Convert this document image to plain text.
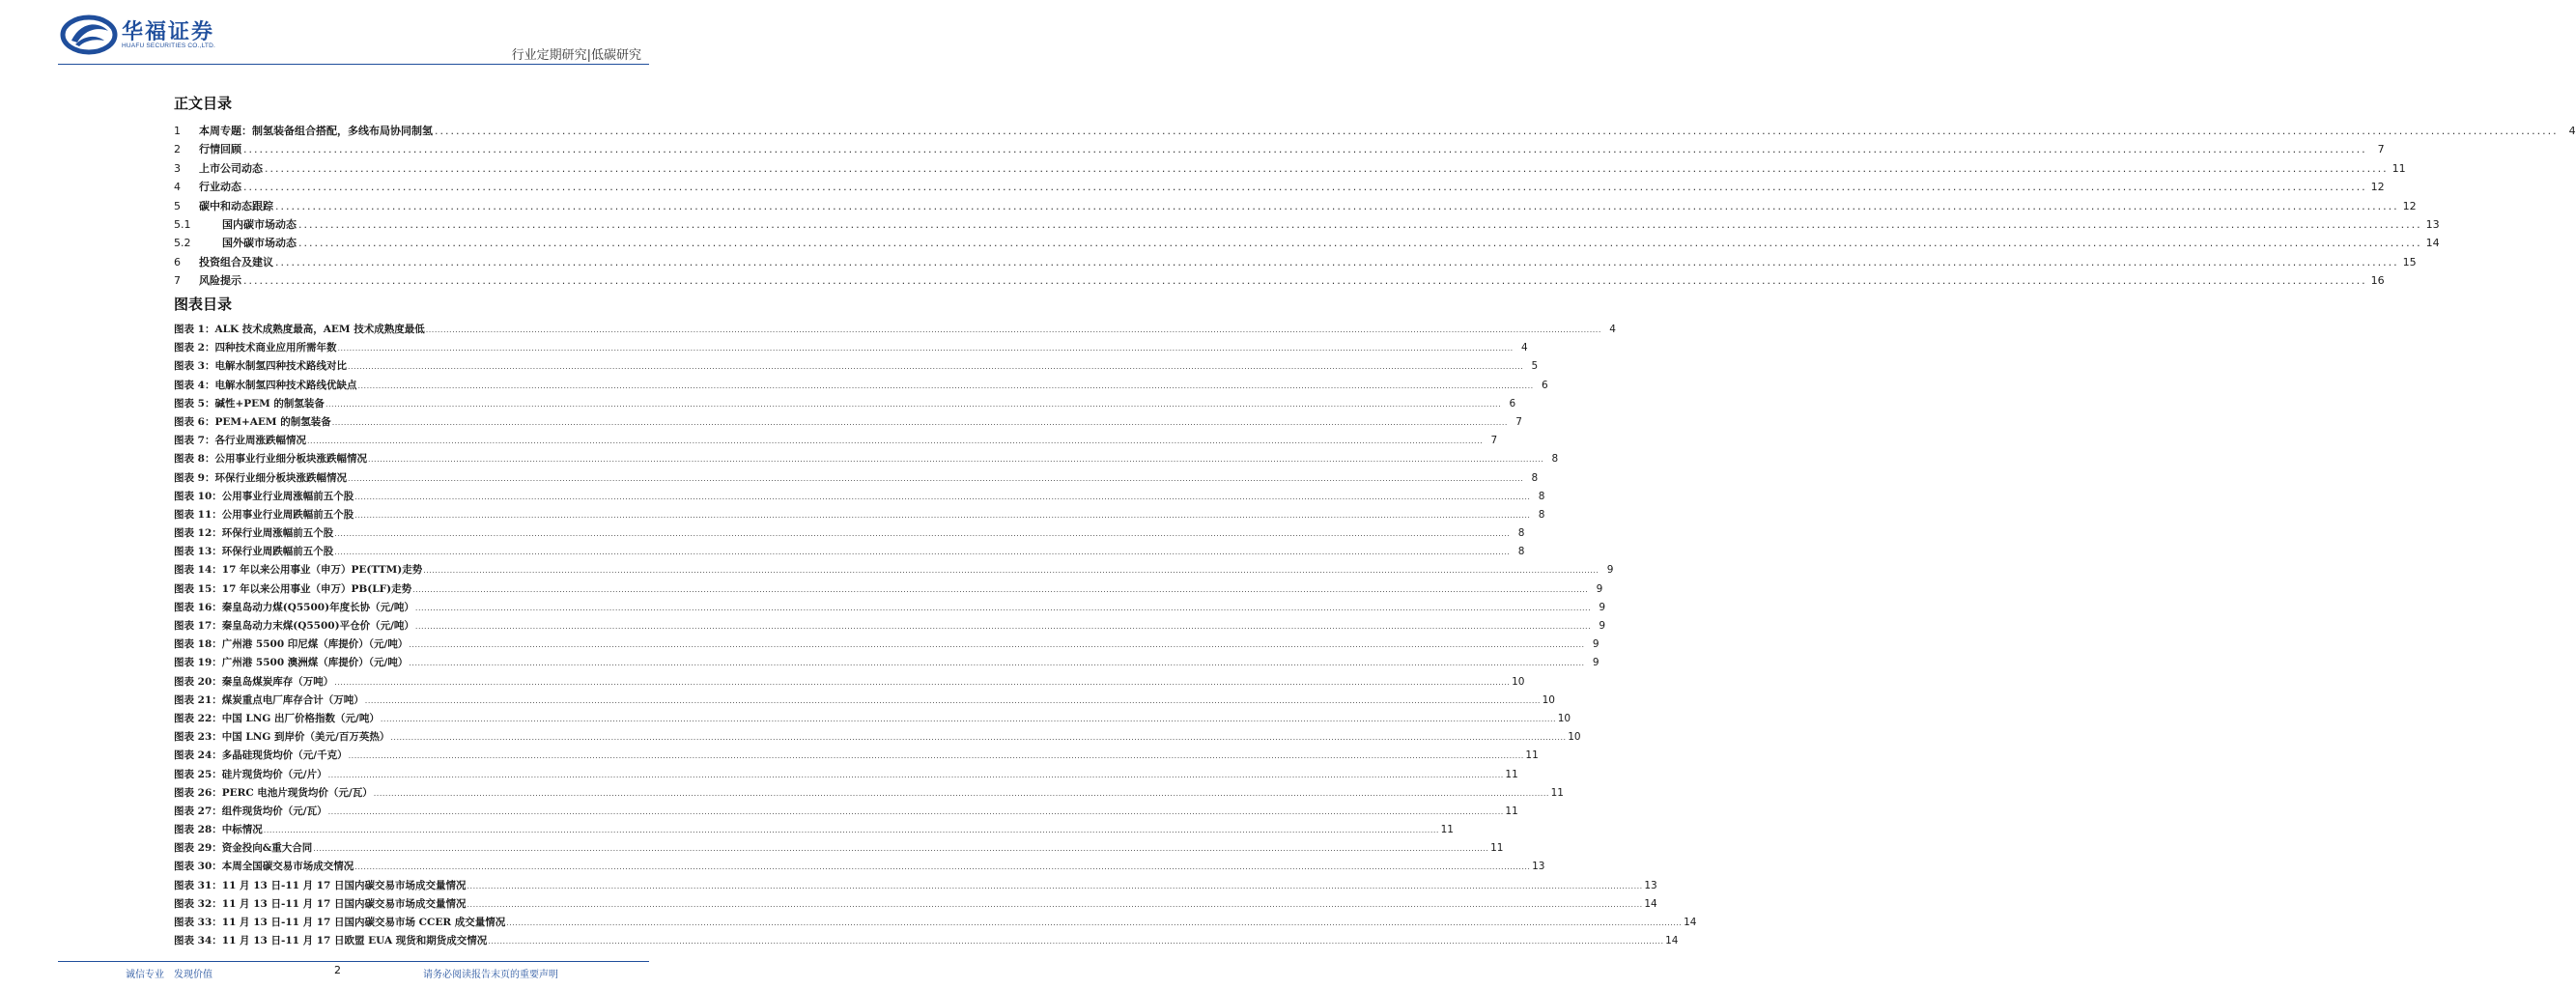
华福证券
HUAFU SECURITIES CO.,LTD.
行业定期研究|低碳研究
正文目录
1	本周专题：制氢装备组合搭配，多线布局协同制氢 ................................................................................................................................................................................................................................................................................................................................................................................................................	4
2	行情回顾 ................................................................................................................................................................................................................................................................................................................................................................................................................	7
3	上市公司动态 ................................................................................................................................................................................................................................................................................................................................................................................................................ 11
4	行业动态 ................................................................................................................................................................................................................................................................................................................................................................................................................ 12
5	碳中和动态跟踪 ................................................................................................................................................................................................................................................................................................................................................................................................................ 12
5.1	国内碳市场动态 ................................................................................................................................................................................................................................................................................................................................................................................................................ 13
5.2	国外碳市场动态 ................................................................................................................................................................................................................................................................................................................................................................................................................ 14
6	投资组合及建议 ................................................................................................................................................................................................................................................................................................................................................................................................................ 15
7	风险提示 ................................................................................................................................................................................................................................................................................................................................................................................................................ 16
图表目录
图表 1：ALK 技术成熟度最高，AEM 技术成熟度最低 ................................................................................................................................................................................................................................................................................................................................................................................................................ 4
图表 2：四种技术商业应用所需年数 ................................................................................................................................................................................................................................................................................................................................................................................................................ 4
图表 3：电解水制氢四种技术路线对比 ................................................................................................................................................................................................................................................................................................................................................................................................................ 5
图表 4：电解水制氢四种技术路线优缺点 ................................................................................................................................................................................................................................................................................................................................................................................................................ 6
图表 5：碱性+PEM 的制氢装备 ................................................................................................................................................................................................................................................................................................................................................................................................................ 6
图表 6：PEM+AEM 的制氢装备 ................................................................................................................................................................................................................................................................................................................................................................................................................ 7
图表 7：各行业周涨跌幅情况 ................................................................................................................................................................................................................................................................................................................................................................................................................ 7
图表 8：公用事业行业细分板块涨跌幅情况 ................................................................................................................................................................................................................................................................................................................................................................................................................ 8
图表 9：环保行业细分板块涨跌幅情况 ................................................................................................................................................................................................................................................................................................................................................................................................................ 8
图表 10：公用事业行业周涨幅前五个股 ................................................................................................................................................................................................................................................................................................................................................................................................................ 8
图表 11：公用事业行业周跌幅前五个股 ................................................................................................................................................................................................................................................................................................................................................................................................................ 8
图表 12：环保行业周涨幅前五个股 ................................................................................................................................................................................................................................................................................................................................................................................................................ 8
图表 13：环保行业周跌幅前五个股 ................................................................................................................................................................................................................................................................................................................................................................................................................ 8
图表 14：17 年以来公用事业（申万）PE(TTM)走势 ................................................................................................................................................................................................................................................................................................................................................................................................................ 9
图表 15：17 年以来公用事业（申万）PB(LF)走势 ................................................................................................................................................................................................................................................................................................................................................................................................................ 9
图表 16：秦皇岛动力煤(Q5500)年度长协（元/吨） ................................................................................................................................................................................................................................................................................................................................................................................................................ 9
图表 17：秦皇岛动力末煤(Q5500)平仓价（元/吨） ................................................................................................................................................................................................................................................................................................................................................................................................................ 9
图表 18：广州港 5500 印尼煤（库提价）（元/吨） ................................................................................................................................................................................................................................................................................................................................................................................................................ 9
图表 19：广州港 5500 澳洲煤（库提价）（元/吨） ................................................................................................................................................................................................................................................................................................................................................................................................................ 9
图表 20：秦皇岛煤炭库存（万吨） ................................................................................................................................................................................................................................................................................................................................................................................................................ 10
图表 21：煤炭重点电厂库存合计（万吨） ................................................................................................................................................................................................................................................................................................................................................................................................................ 10
图表 22：中国 LNG 出厂价格指数（元/吨） ................................................................................................................................................................................................................................................................................................................................................................................................................ 10
图表 23：中国 LNG 到岸价（美元/百万英热） ................................................................................................................................................................................................................................................................................................................................................................................................................ 10
图表 24：多晶硅现货均价（元/千克） ................................................................................................................................................................................................................................................................................................................................................................................................................ 11
图表 25：硅片现货均价（元/片） ................................................................................................................................................................................................................................................................................................................................................................................................................ 11
图表 26：PERC 电池片现货均价（元/瓦） ................................................................................................................................................................................................................................................................................................................................................................................................................ 11
图表 27：组件现货均价（元/瓦） ................................................................................................................................................................................................................................................................................................................................................................................................................ 11
图表 28：中标情况 ................................................................................................................................................................................................................................................................................................................................................................................................................ 11
图表 29：资金投向&重大合同 ................................................................................................................................................................................................................................................................................................................................................................................................................ 11
图表 30：本周全国碳交易市场成交情况 ................................................................................................................................................................................................................................................................................................................................................................................................................ 13
图表 31：11 月 13 日-11 月 17 日国内碳交易市场成交量情况 ................................................................................................................................................................................................................................................................................................................................................................................................................ 13
图表 32：11 月 13 日-11 月 17 日国内碳交易市场成交量情况 ................................................................................................................................................................................................................................................................................................................................................................................................................ 14
图表 33：11 月 13 日-11 月 17 日国内碳交易市场 CCER 成交量情况 ................................................................................................................................................................................................................................................................................................................................................................................................................ 14
图表 34：11 月 13 日-11 月 17 日欧盟 EUA 现货和期货成交情况 ................................................................................................................................................................................................................................................................................................................................................................................................................ 14
诚信专业　发现价值	2	请务必阅读报告末页的重要声明
